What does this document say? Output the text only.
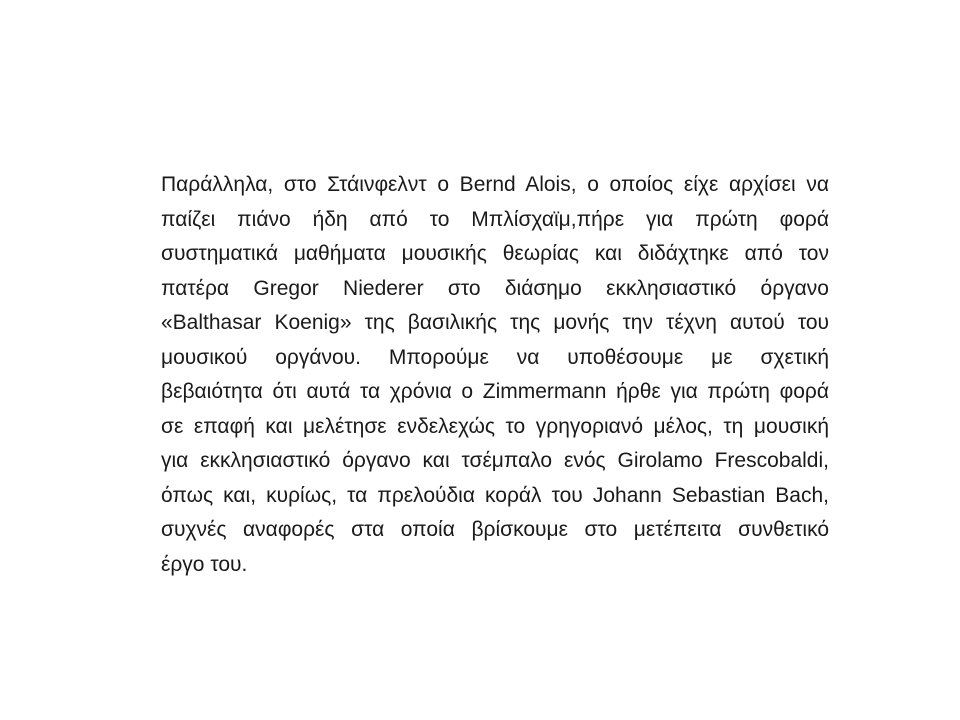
Παράλληλα, στο Στάινφελντ ο Bernd Alois, ο οποίος είχε αρχίσει να
παίζει πιάνο ήδη από το Μπλίσχαϊμ,πήρε για πρώτη φορά
συστηματικά μαθήματα μουσικής θεωρίας και διδάχτηκε από τον
πατέρα Gregor Niederer στο διάσημο εκκλησιαστικό όργανο
«Balthasar Koenig» της βασιλικής της μονής την τέχνη αυτού του
μουσικού οργάνου. Μπορούμε να υποθέσουμε με σχετική
βεβαιότητα ότι αυτά τα χρόνια ο Zimmermann ήρθε για πρώτη φορά
σε επαφή και μελέτησε ενδελεχώς το γρηγοριανό μέλος, τη μουσική
για εκκλησιαστικό όργανο και τσέμπαλο ενός Girolamo Frescobaldi,
όπως και, κυρίως, τα πρελούδια κοράλ του Johann Sebastian Bach,
συχνές αναφορές στα οποία βρίσκουμε στο μετέπειτα συνθετικό
έργο του.
